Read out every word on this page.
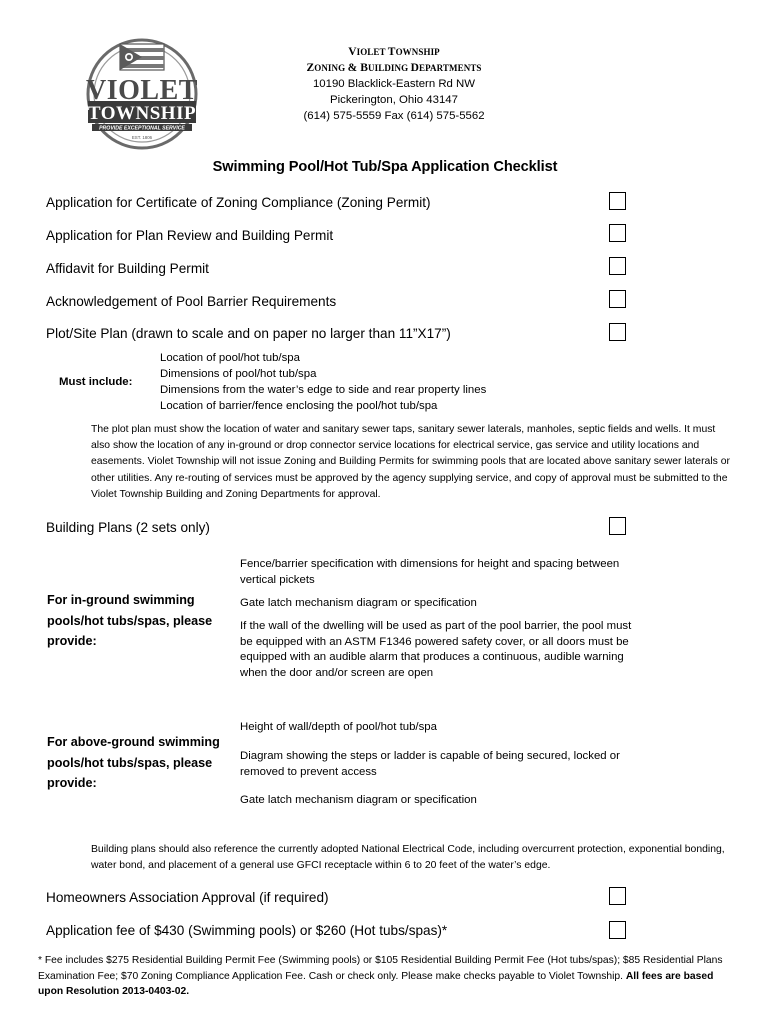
VIOLET
TOWNSHIP
PROVIDE EXCEPTIONAL SERVICE
EST. 1806
VIOLET TOWNSHIP
ZONING & BUILDING DEPARTMENTS
10190 Blacklick-Eastern Rd NW
Pickerington, Ohio 43147
(614) 575-5559 Fax (614) 575-5562
Swimming Pool/Hot Tub/Spa Application Checklist
Application for Certificate of Zoning Compliance (Zoning Permit)
Application for Plan Review and Building Permit
Affidavit for Building Permit
Acknowledgement of Pool Barrier Requirements
Plot/Site Plan (drawn to scale and on paper no larger than 11”X17”)
Must include:
Location of pool/hot tub/spa
Dimensions of pool/hot tub/spa
Dimensions from the water’s edge to side and rear property lines
Location of barrier/fence enclosing the pool/hot tub/spa
The plot plan must show the location of water and sanitary sewer taps, sanitary sewer laterals, manholes, septic fields and wells. It must also show the location of any in-ground or drop connector service locations for electrical service, gas service and utility locations and easements. Violet Township will not issue Zoning and Building Permits for swimming pools that are located above sanitary sewer laterals or other utilities. Any re-routing of services must be approved by the agency supplying service, and copy of approval must be submitted to the Violet Township Building and Zoning Departments for approval.
Building Plans (2 sets only)
For in-ground swimming pools/hot tubs/spas, please provide:
Fence/barrier specification with dimensions for height and spacing between vertical pickets
Gate latch mechanism diagram or specification
If the wall of the dwelling will be used as part of the pool barrier, the pool must be equipped with an ASTM F1346 powered safety cover, or all doors must be equipped with an audible alarm that produces a continuous, audible warning when the door and/or screen are open
For above-ground swimming pools/hot tubs/spas, please provide:
Height of wall/depth of pool/hot tub/spa
Diagram showing the steps or ladder is capable of being secured, locked or removed to prevent access
Gate latch mechanism diagram or specification
Building plans should also reference the currently adopted National Electrical Code, including overcurrent protection, exponential bonding, water bond, and placement of a general use GFCI receptacle within 6 to 20 feet of the water’s edge.
Homeowners Association Approval (if required)
Application fee of $430 (Swimming pools) or $260 (Hot tubs/spas)*
* Fee includes $275 Residential Building Permit Fee (Swimming pools) or $105 Residential Building Permit Fee (Hot tubs/spas); $85 Residential Plans Examination Fee; $70 Zoning Compliance Application Fee. Cash or check only. Please make checks payable to Violet Township. All fees are based upon Resolution 2013-0403-02.
